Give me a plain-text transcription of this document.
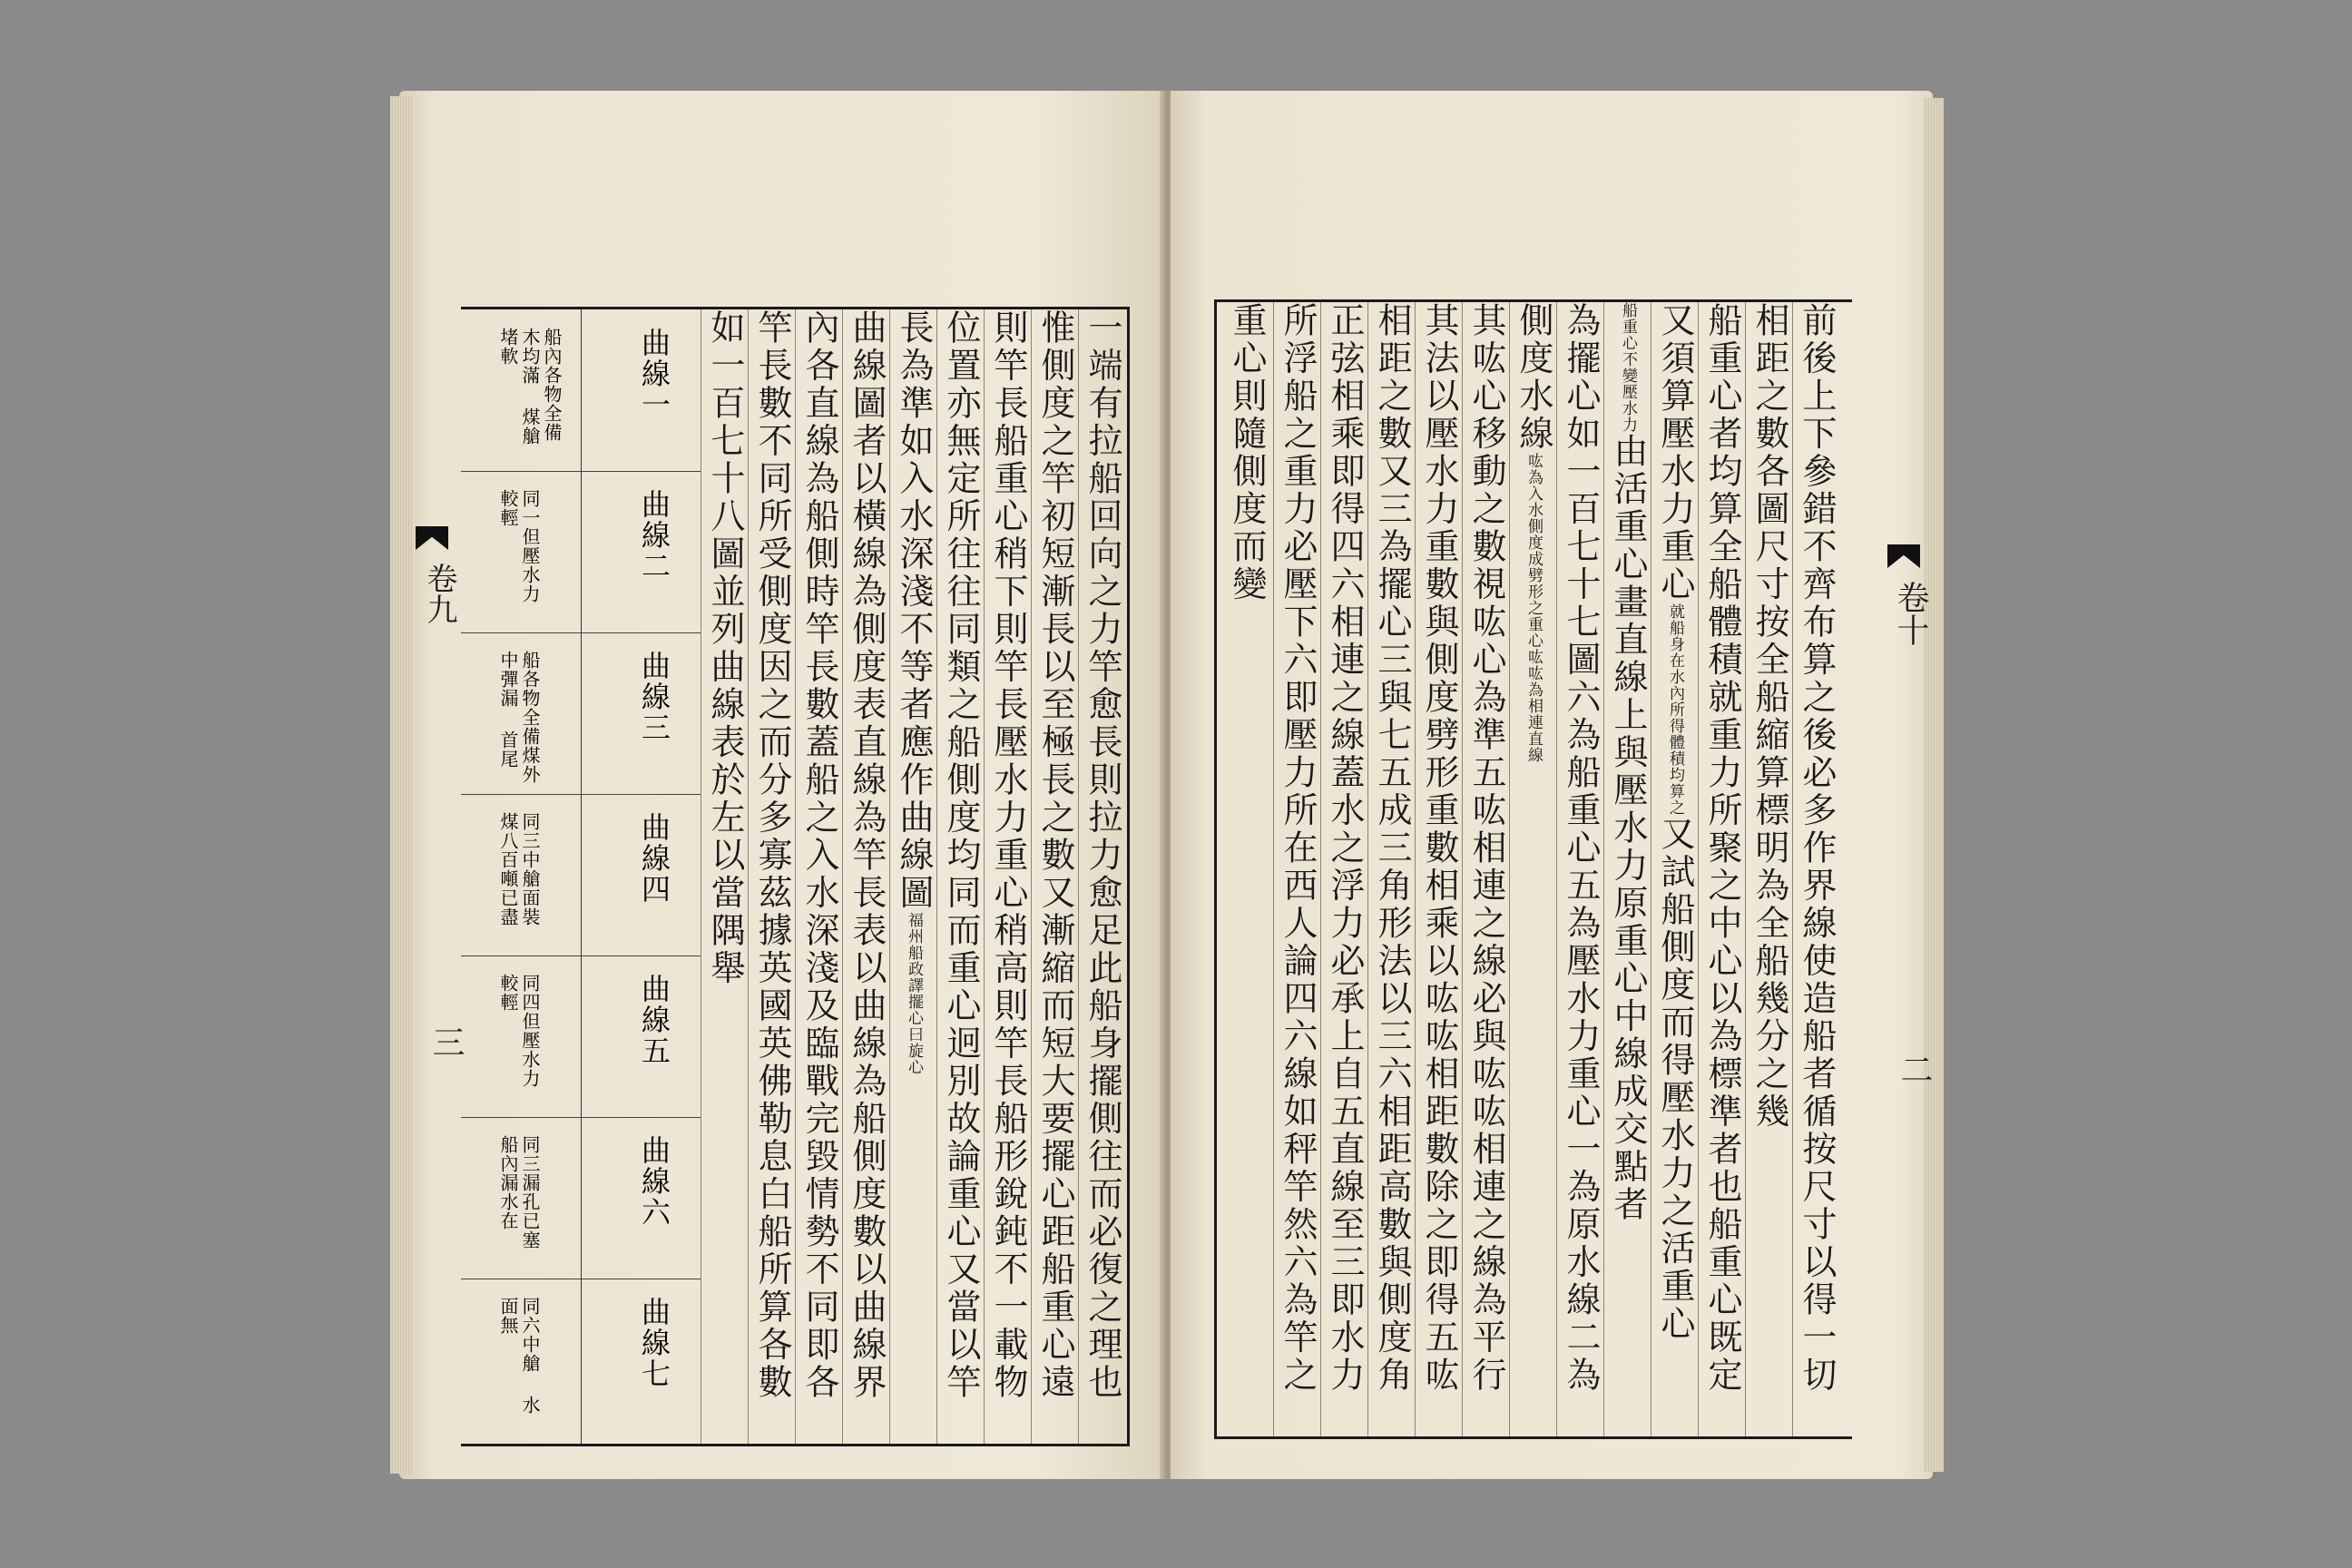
一端有拉船回向之力竿愈長則拉力愈足此船身擺側往而必復之理也
惟側度之竿初短漸長以至極長之數又漸縮而短大要擺心距船重心遠
則竿長船重心稍下則竿長壓水力重心稍高則竿長船形銳鈍不一載物
位置亦無定所往往同類之船側度均同而重心迥別故論重心又當以竿
長為準如入水深淺不等者應作曲線圖福州船政譯擺心曰旋心
曲線圖者以橫線為側度表直線為竿長表以曲線為船側度數以曲線界
內各直線為船側時竿長數蓋船之入水深淺及臨戰完毀情勢不同即各
竿長數不同所受側度因之而分多寡茲據英國英佛勒息白船所算各數
如一百七十八圖並列曲線表於左以當隅舉
曲線一
船內各物全備 木均滿 煤艙堵軟
曲線二
同一但壓水力 較輕
曲線三
船各物全備煤外 中彈漏 首尾
曲線四
同三中艙面裝 煤八百噸已盡
曲線五
同四但壓水力 較輕
曲線六
同三漏孔已塞 船內漏水在
曲線七
同六中艙 水面無
卷九
三	前後上下參錯不齊布算之後必多作界線使造船者循按尺寸以得一切
相距之數各圖尺寸按全船縮算標明為全船幾分之幾
船重心者均算全船體積就重力所聚之中心以為標準者也船重心既定
又須算壓水力重心就船身在水內所得體積均算之又試船側度而得壓水力之活重心
船重心不變壓水力由活重心畫直線上與壓水力原重心中線成交點者
為擺心如一百七十七圖六為船重心五為壓水力重心一為原水線二為
側度水線吰為入水側度成劈形之重心吰吰為相連直線
其吰心移動之數視吰心為準五吰相連之線必與吰吰相連之線為平行
其法以壓水力重數與側度劈形重數相乘以吰吰相距數除之即得五吰
相距之數又三為擺心三與七五成三角形法以三六相距高數與側度角
正弦相乘即得四六相連之線蓋水之浮力必承上自五直線至三即水力
所浮船之重力必壓下六即壓力所在西人論四六線如秤竿然六為竿之
重心則隨側度而變
卷十
二
